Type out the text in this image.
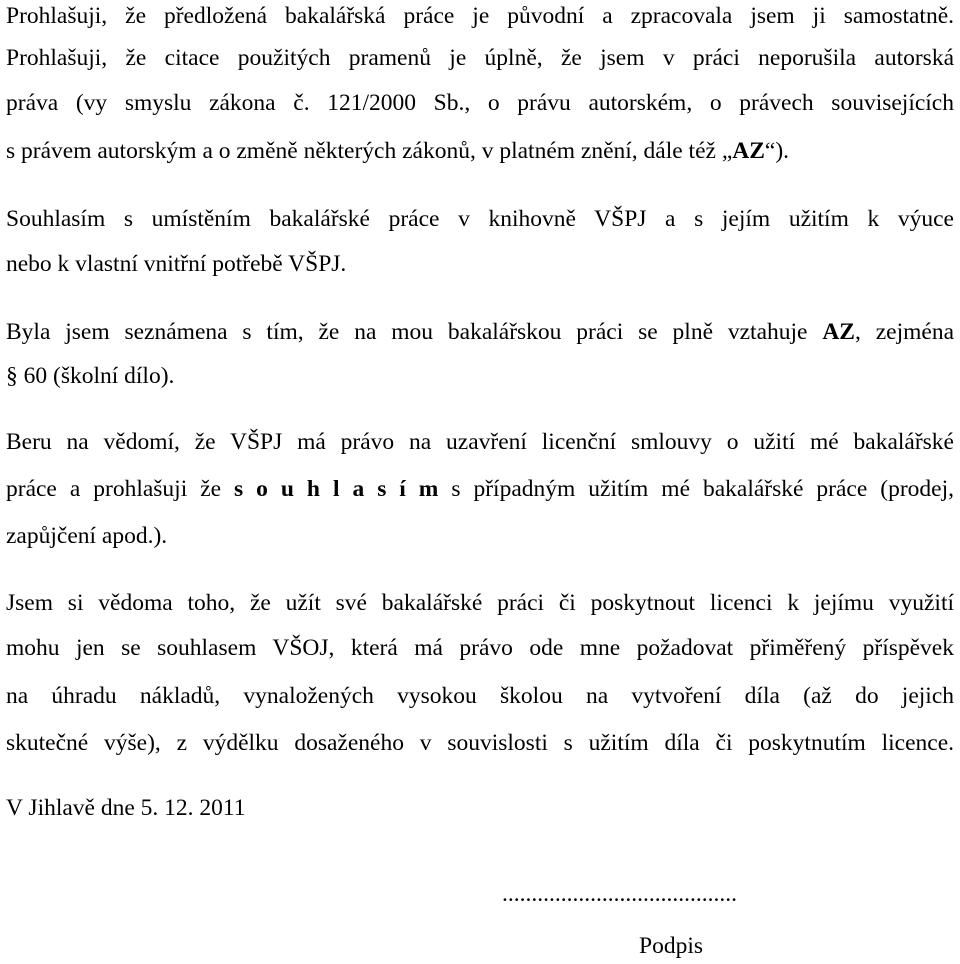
Prohlašuji, že předložená bakalářská práce je původní a zpracovala jsem ji samostatně.
Prohlašuji, že citace použitých pramenů je úplně, že jsem v práci neporušila autorská
práva (vy smyslu zákona č. 121/2000 Sb., o právu autorském, o právech souvisejících
s právem autorským a o změně některých zákonů, v platném znění, dále též „AZ“).
Souhlasím s umístěním bakalářské práce v knihovně VŠPJ a s jejím užitím k výuce
nebo k vlastní vnitřní potřebě VŠPJ.
Byla jsem seznámena s tím, že na mou bakalářskou práci se plně vztahuje AZ, zejména
§ 60 (školní dílo).
Beru na vědomí, že VŠPJ má právo na uzavření licenční smlouvy o užití mé bakalářské
práce a prohlašuji že s o u h l a s í m s případným užitím mé bakalářské práce (prodej,
zapůjčení apod.).
Jsem si vědoma toho, že užít své bakalářské práci či poskytnout licenci k jejímu využití
mohu jen se souhlasem VŠOJ, která má právo ode mne požadovat přiměřený příspěvek
na úhradu nákladů, vynaložených vysokou školou na vytvoření díla (až do jejich
skutečné výše), z výdělku dosaženého v souvislosti s užitím díla či poskytnutím licence.
V Jihlavě dne 5. 12. 2011
........................................
Podpis
